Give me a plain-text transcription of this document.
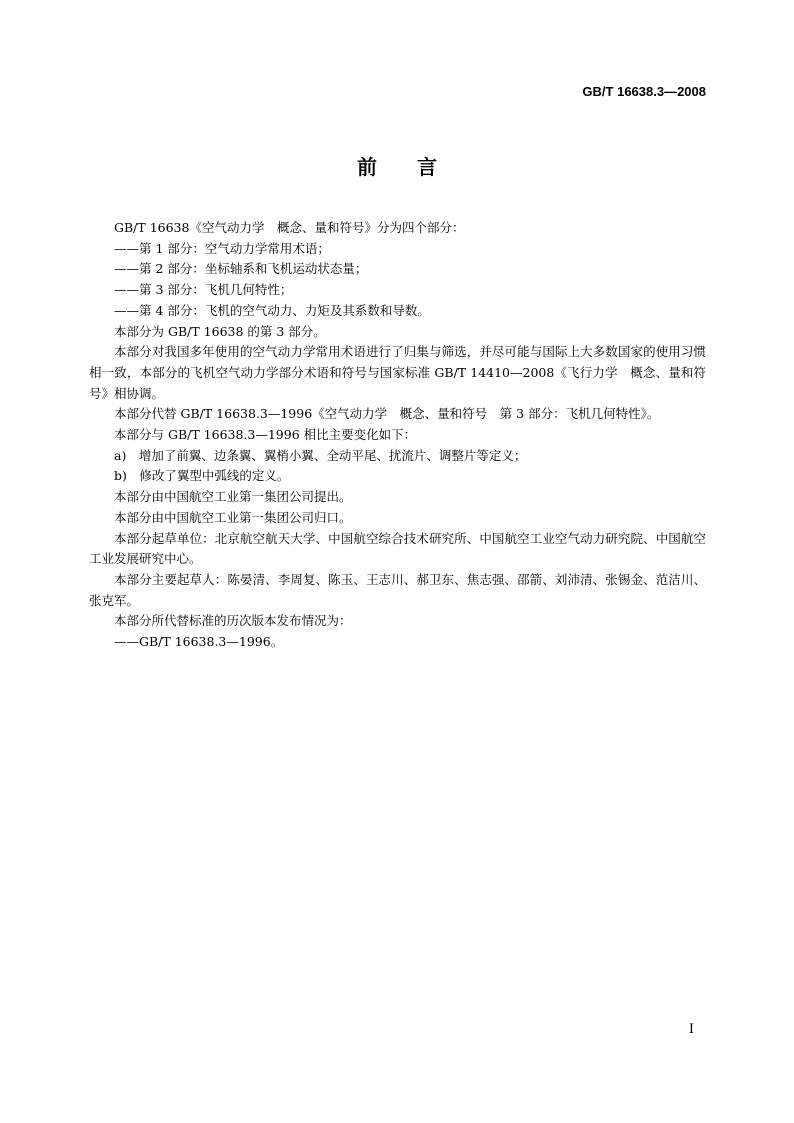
GB/T 16638.3—2008
前言

GB/T 16638《空气动力学　概念、量和符号》分为四个部分：

——第 1 部分：空气动力学常用术语；

——第 2 部分：坐标轴系和飞机运动状态量；

——第 3 部分：飞机几何特性；

——第 4 部分：飞机的空气动力、力矩及其系数和导数。

本部分为 GB/T 16638 的第 3 部分。

本部分对我国多年使用的空气动力学常用术语进行了归集与筛选，并尽可能与国际上大多数国家的使用习惯相一致，本部分的飞机空气动力学部分术语和符号与国家标准 GB/T 14410—2008《飞行力学　概念、量和符号》相协调。

本部分代替 GB/T 16638.3—1996《空气动力学　概念、量和符号　第 3 部分：飞机几何特性》。

本部分与 GB/T 16638.3—1996 相比主要变化如下：

a)　增加了前翼、边条翼、翼梢小翼、全动平尾、扰流片、调整片等定义；

b)　修改了翼型中弧线的定义。

本部分由中国航空工业第一集团公司提出。

本部分由中国航空工业第一集团公司归口。

本部分起草单位：北京航空航天大学、中国航空综合技术研究所、中国航空工业空气动力研究院、中国航空工业发展研究中心。

本部分主要起草人：陈晏清、李周复、陈玉、王志川、郝卫东、焦志强、邵箭、刘沛清、张锡金、范洁川、张克军。

本部分所代替标准的历次版本发布情况为：

——GB/T 16638.3—1996。

I
